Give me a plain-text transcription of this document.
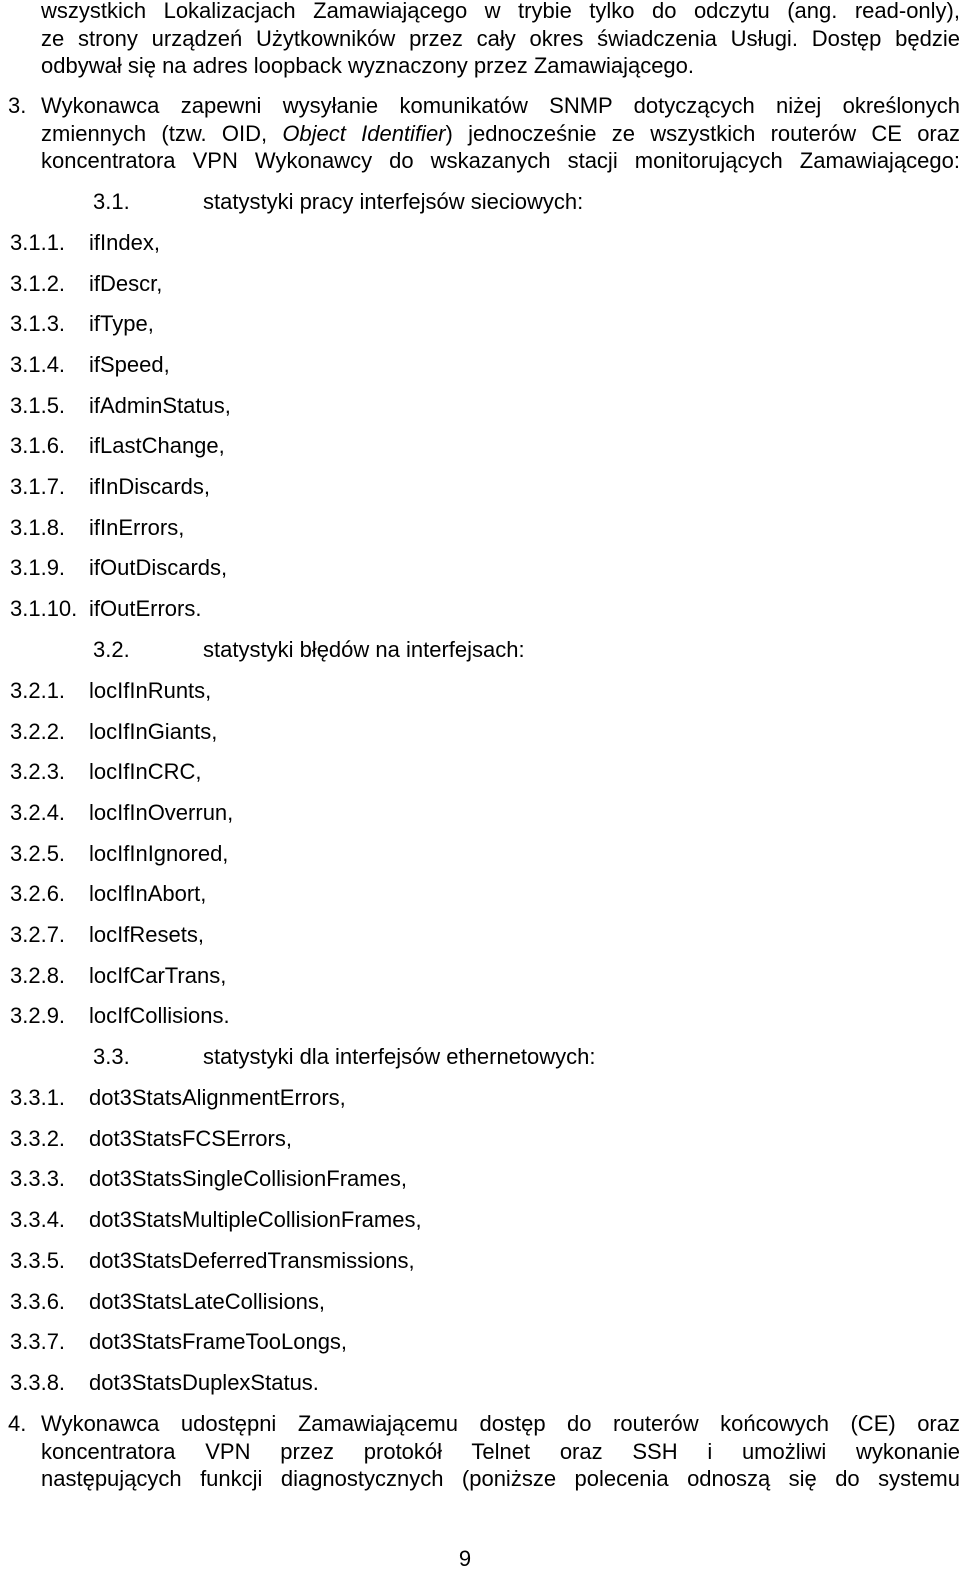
wszystkich Lokalizacjach Zamawiającego w trybie tylko do odczytu (ang. read-only),

ze strony urządzeń Użytkowników przez cały okres świadczenia Usługi. Dostęp będzie

odbywał się na adres loopback wyznaczony przez Zamawiającego.

3. Wykonawca zapewni wysyłanie komunikatów SNMP dotyczących niżej określonych

zmiennych (tzw. OID, Object Identifier) jednocześnie ze wszystkich routerów CE oraz

koncentratora VPN Wykonawcy do wskazanych stacji monitorujących Zamawiającego:

3.1.	statystyki pracy interfejsów sieciowych:
3.1.1. ifIndex,
3.1.2. ifDescr,
3.1.3. ifType,
3.1.4. ifSpeed,
3.1.5. ifAdminStatus,
3.1.6. ifLastChange,
3.1.7. ifInDiscards,
3.1.8. ifInErrors,
3.1.9. ifOutDiscards,
3.1.10. ifOutErrors.
3.2.	statystyki błędów na interfejsach:
3.2.1. locIfInRunts,
3.2.2. locIfInGiants,
3.2.3. locIfInCRC,
3.2.4. locIfInOverrun,
3.2.5. locIfInIgnored,
3.2.6. locIfInAbort,
3.2.7. locIfResets,
3.2.8. locIfCarTrans,
3.2.9. locIfCollisions.
3.3.	statystyki dla interfejsów ethernetowych:
3.3.1. dot3StatsAlignmentErrors,
3.3.2. dot3StatsFCSErrors,
3.3.3. dot3StatsSingleCollisionFrames,
3.3.4. dot3StatsMultipleCollisionFrames,
3.3.5. dot3StatsDeferredTransmissions,
3.3.6. dot3StatsLateCollisions,
3.3.7. dot3StatsFrameTooLongs,
3.3.8. dot3StatsDuplexStatus.
4. Wykonawca udostępni Zamawiającemu dostęp do routerów końcowych (CE) oraz

koncentratora VPN przez protokół Telnet oraz SSH i umożliwi wykonanie

następujących funkcji diagnostycznych (poniższe polecenia odnoszą się do systemu

9
